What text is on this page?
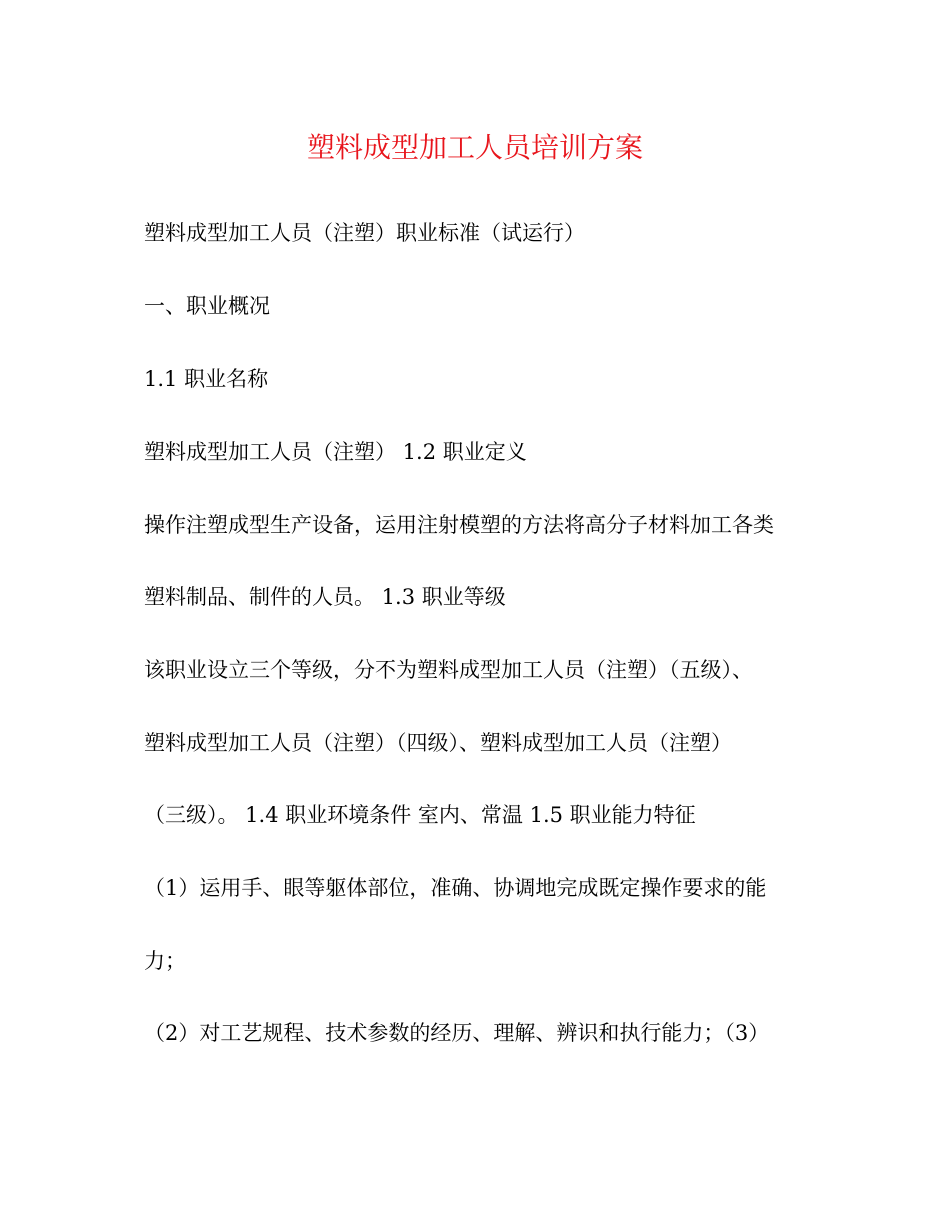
塑料成型加工人员培训方案
塑料成型加工人员（注塑）职业标准（试运行）
一、职业概况
1.1 职业名称
塑料成型加工人员（注塑） 1.2 职业定义
操作注塑成型生产设备，运用注射模塑的方法将高分子材料加工各类
塑料制品、制件的人员。 1.3 职业等级
该职业设立三个等级，分不为塑料成型加工人员（注塑）（五级）、
塑料成型加工人员（注塑）（四级）、塑料成型加工人员（注塑）
（三级）。 1.4 职业环境条件 室内、常温 1.5 职业能力特征
（1）运用手、眼等躯体部位，准确、协调地完成既定操作要求的能
力；
（2）对工艺规程、技术参数的经历、理解、辨识和执行能力；（3）
